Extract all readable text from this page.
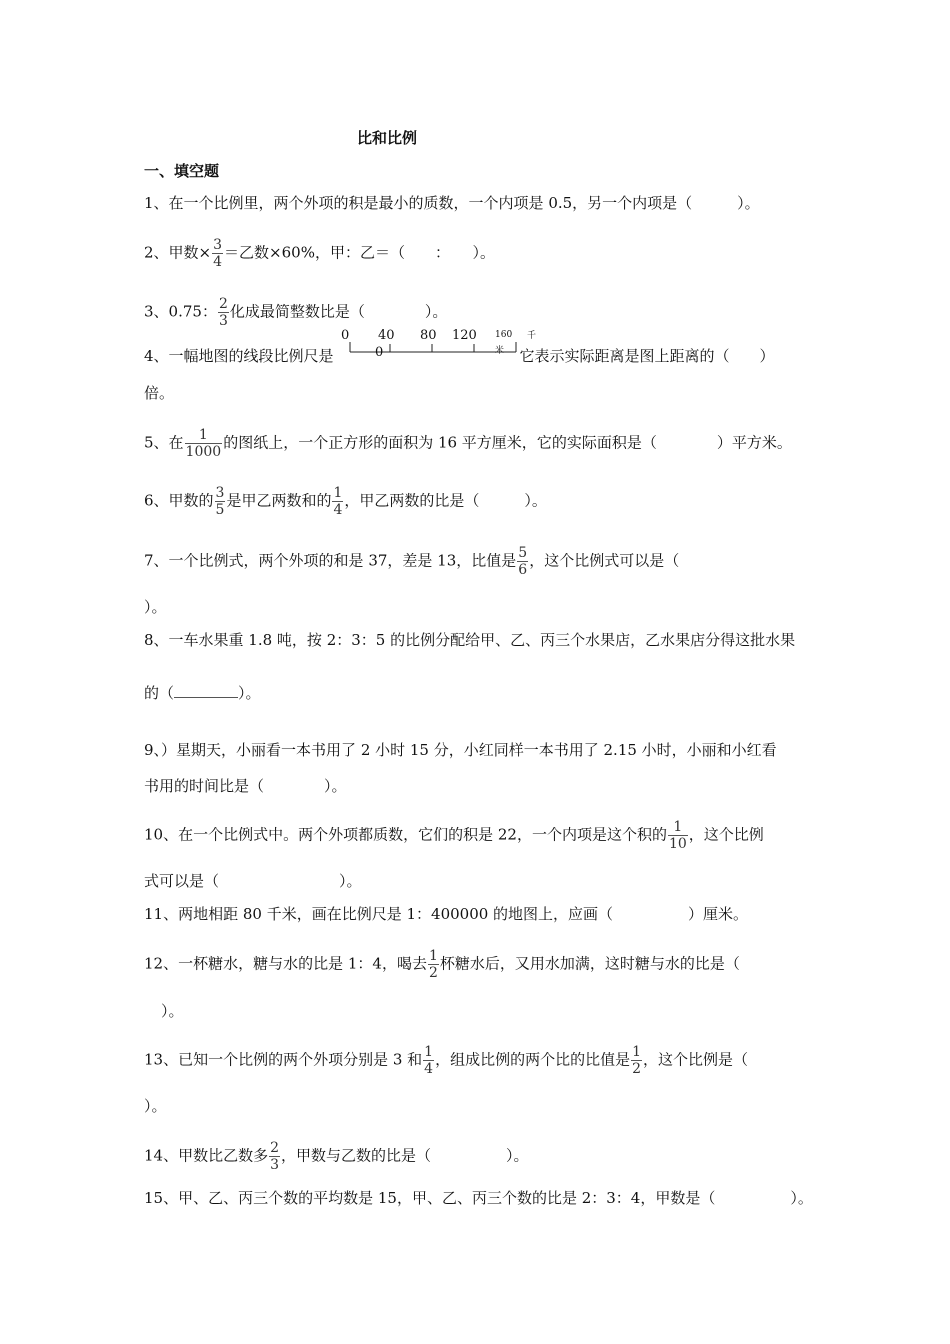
比和比例
一、填空题
1、在一个比例里，两个外项的积是最小的质数，一个内项是 0.5，另一个内项是（　　　）。
2、甲数× $\frac{3}{4}$ ＝乙数×60%，甲：乙＝（　　：　　）。
3、0.75： $\frac{2}{3}$ 化成最简整数比是（　　　　）。
4、一幅地图的线段比例尺是	它表示实际距离是图上距离的（　　）
0 40 80 120 160 千
米
0
倍。
5、在 $\frac{1}{1000}$ 的图纸上，一个正方形的面积为 16 平方厘米，它的实际面积是（　　　　）平方米。
6、甲数的 $\frac{3}{5}$ 是甲乙两数和的 $\frac{1}{4}$ ，甲乙两数的比是（　　　）。
7、一个比例式，两个外项的和是 37，差是 13，比值是 $\frac{5}{6}$ ，这个比例式可以是（
）。
8、一车水果重 1.8 吨，按 2：3：5 的比例分配给甲、乙、丙三个水果店，乙水果店分得这批水果
的（	）。
9、）星期天，小丽看一本书用了 2 小时 15 分，小红同样一本书用了 2.15 小时，小丽和小红看
书用的时间比是（　　　　）。
10、在一个比例式中。两个外项都质数，它们的积是 22，一个内项是这个积的 $\frac{1}{10}$ ，这个比例
式可以是（　　　　　　　　）。
11、两地相距 80 千米，画在比例尺是 1：400000 的地图上，应画（　　　　　）厘米。
12、一杯糖水，糖与水的比是 1：4，喝去 $\frac{1}{2}$ 杯糖水后，又用水加满，这时糖与水的比是（
）。
13、已知一个比例的两个外项分别是 3 和 $\frac{1}{4}$ ，组成比例的两个比的比值是 $\frac{1}{2}$ ，这个比例是（
）。
14、甲数比乙数多 $\frac{2}{3}$ ，甲数与乙数的比是（　　　　　）。
15、甲、乙、丙三个数的平均数是 15，甲、乙、丙三个数的比是 2：3：4，甲数是（　　　　　）。
